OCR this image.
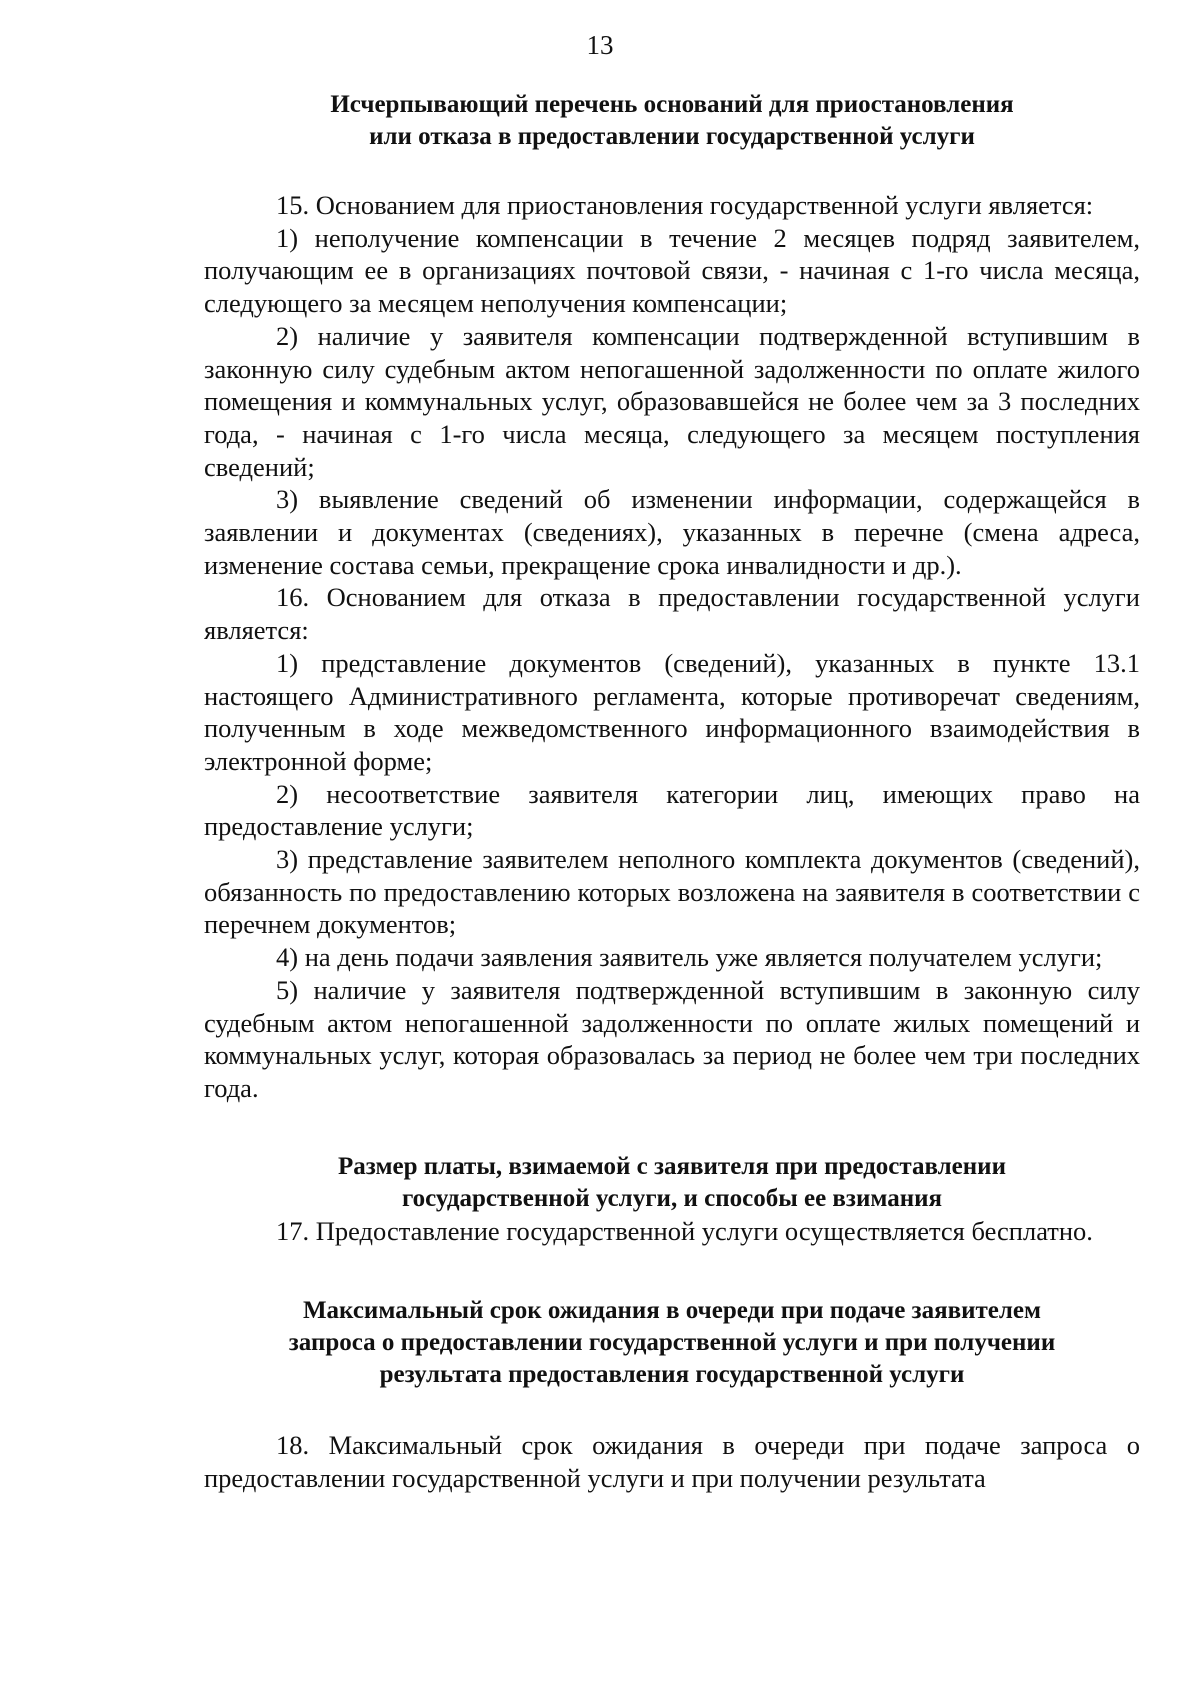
13
Исчерпывающий перечень оснований для приостановления
или отказа в предоставлении государственной услуги

15. Основанием для приостановления государственной услуги является:

1) неполучение компенсации в течение 2 месяцев подряд заявителем, получающим ее в организациях почтовой связи, - начиная с 1-го числа месяца, следующего за месяцем неполучения компенсации;

2) наличие у заявителя компенсации подтвержденной вступившим в законную силу судебным актом непогашенной задолженности по оплате жилого помещения и коммунальных услуг, образовавшейся не более чем за 3 последних года, - начиная с 1-го числа месяца, следующего за месяцем поступления сведений;

3) выявление сведений об изменении информации, содержащейся в заявлении и документах (сведениях), указанных в перечне (смена адреса, изменение состава семьи, прекращение срока инвалидности и др.).

16. Основанием для отказа в предоставлении государственной услуги является:

1) представление документов (сведений), указанных в пункте 13.1 настоящего Административного регламента, которые противоречат сведениям, полученным в ходе межведомственного информационного взаимодействия в электронной форме;

2) несоответствие заявителя категории лиц, имеющих право на предоставление услуги;

3) представление заявителем неполного комплекта документов (сведений), обязанность по предоставлению которых возложена на заявителя в соответствии с перечнем документов;

4) на день подачи заявления заявитель уже является получателем услуги;

5) наличие у заявителя подтвержденной вступившим в законную силу судебным актом непогашенной задолженности по оплате жилых помещений и коммунальных услуг, которая образовалась за период не более чем три последних года.

Размер платы, взимаемой с заявителя при предоставлении
государственной услуги, и способы ее взимания

17. Предоставление государственной услуги осуществляется бесплатно.

Максимальный срок ожидания в очереди при подаче заявителем
запроса о предоставлении государственной услуги и при получении
результата предоставления государственной услуги

18. Максимальный срок ожидания в очереди при подаче запроса о предоставлении государственной услуги и при получении результата
